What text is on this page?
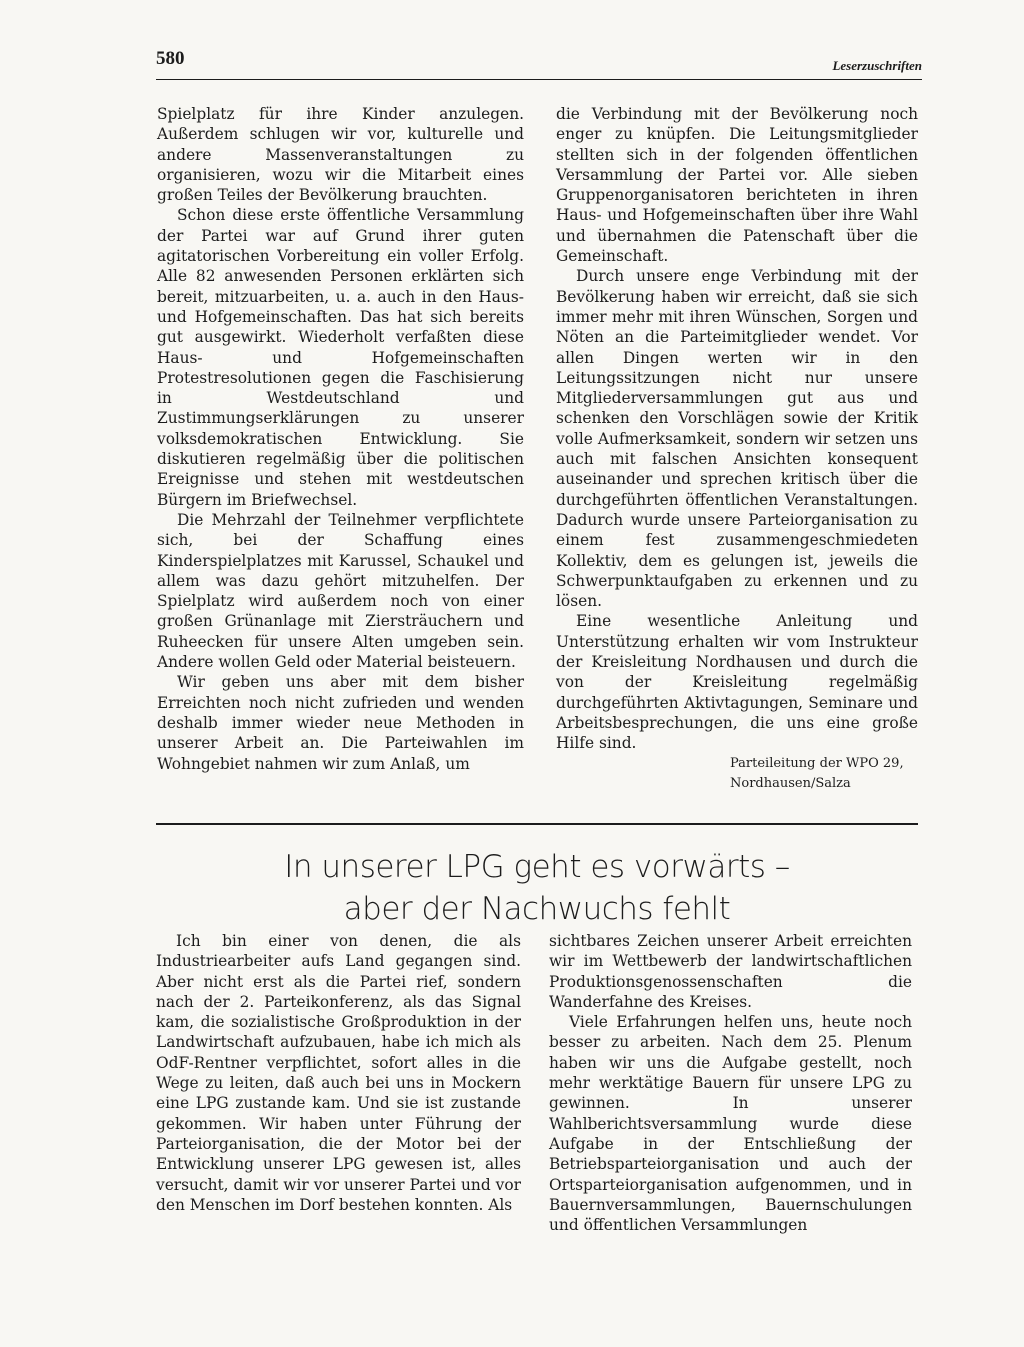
580	Leserzuschriften

Spielplatz für ihre Kinder anzulegen. Außerdem schlugen wir vor, kulturelle und andere Massenveranstaltungen zu organisieren, wozu wir die Mitarbeit eines großen Teiles der Bevölkerung brauchten.

Schon diese erste öffentliche Versammlung der Partei war auf Grund ihrer guten agitatorischen Vorbereitung ein voller Erfolg. Alle 82 anwesenden Personen erklärten sich bereit, mitzuarbeiten, u. a. auch in den Haus- und Hofgemeinschaften. Das hat sich bereits gut ausgewirkt. Wiederholt verfaßten diese Haus- und Hofgemeinschaften Protestresolutionen gegen die Faschisierung in Westdeutschland und Zustimmungserklärungen zu unserer volksdemokratischen Entwicklung. Sie diskutieren regelmäßig über die politischen Ereignisse und stehen mit westdeutschen Bürgern im Briefwechsel.

Die Mehrzahl der Teilnehmer verpflichtete sich, bei der Schaffung eines Kinderspielplatzes mit Karussel, Schaukel und allem was dazu gehört mitzuhelfen. Der Spielplatz wird außerdem noch von einer großen Grünanlage mit Ziersträuchern und Ruheecken für unsere Alten umgeben sein. Andere wollen Geld oder Material beisteuern.

Wir geben uns aber mit dem bisher Erreichten noch nicht zufrieden und wenden deshalb immer wieder neue Methoden in unserer Arbeit an. Die Parteiwahlen im Wohngebiet nahmen wir zum Anlaß, um

die Verbindung mit der Bevölkerung noch enger zu knüpfen. Die Leitungsmitglieder stellten sich in der folgenden öffentlichen Versammlung der Partei vor. Alle sieben Gruppenorganisatoren berichteten in ihren Haus- und Hofgemeinschaften über ihre Wahl und übernahmen die Patenschaft über die Gemeinschaft.

Durch unsere enge Verbindung mit der Bevölkerung haben wir erreicht, daß sie sich immer mehr mit ihren Wünschen, Sorgen und Nöten an die Parteimitglieder wendet. Vor allen Dingen werten wir in den Leitungssitzungen nicht nur unsere Mitgliederversammlungen gut aus und schenken den Vorschlägen sowie der Kritik volle Aufmerksamkeit, sondern wir setzen uns auch mit falschen Ansichten konsequent auseinander und sprechen kritisch über die durchgeführten öffentlichen Veranstaltungen. Dadurch wurde unsere Parteiorganisation zu einem fest zusammengeschmiedeten Kollektiv, dem es gelungen ist, jeweils die Schwerpunktaufgaben zu erkennen und zu lösen.

Eine wesentliche Anleitung und Unterstützung erhalten wir vom Instrukteur der Kreisleitung Nordhausen und durch die von der Kreisleitung regelmäßig durchgeführten Aktivtagungen, Seminare und Arbeitsbesprechungen, die uns eine große Hilfe sind.

Parteileitung der WPO 29,

Nordhausen/Salza

In unserer LPG geht es vorwärts –
aber der Nachwuchs fehlt

Ich bin einer von denen, die als Industriearbeiter aufs Land gegangen sind. Aber nicht erst als die Partei rief, sondern nach der 2. Parteikonferenz, als das Signal kam, die sozialistische Großproduktion in der Landwirtschaft aufzubauen, habe ich mich als OdF-Rentner verpflichtet, sofort alles in die Wege zu leiten, daß auch bei uns in Mockern eine LPG zustande kam. Und sie ist zustande gekommen. Wir haben unter Führung der Parteiorganisation, die der Motor bei der Entwicklung unserer LPG gewesen ist, alles versucht, damit wir vor unserer Partei und vor den Menschen im Dorf bestehen konnten. Als

sichtbares Zeichen unserer Arbeit erreichten wir im Wettbewerb der landwirtschaftlichen Produktionsgenossenschaften die Wanderfahne des Kreises.

Viele Erfahrungen helfen uns, heute noch besser zu arbeiten. Nach dem 25. Plenum haben wir uns die Aufgabe gestellt, noch mehr werktätige Bauern für unsere LPG zu gewinnen. In unserer Wahlberichtsversammlung wurde diese Aufgabe in der Entschließung der Betriebsparteiorganisation und auch der Ortsparteiorganisation aufgenommen, und in Bauernversammlungen, Bauernschulungen und öffentlichen Versammlungen
